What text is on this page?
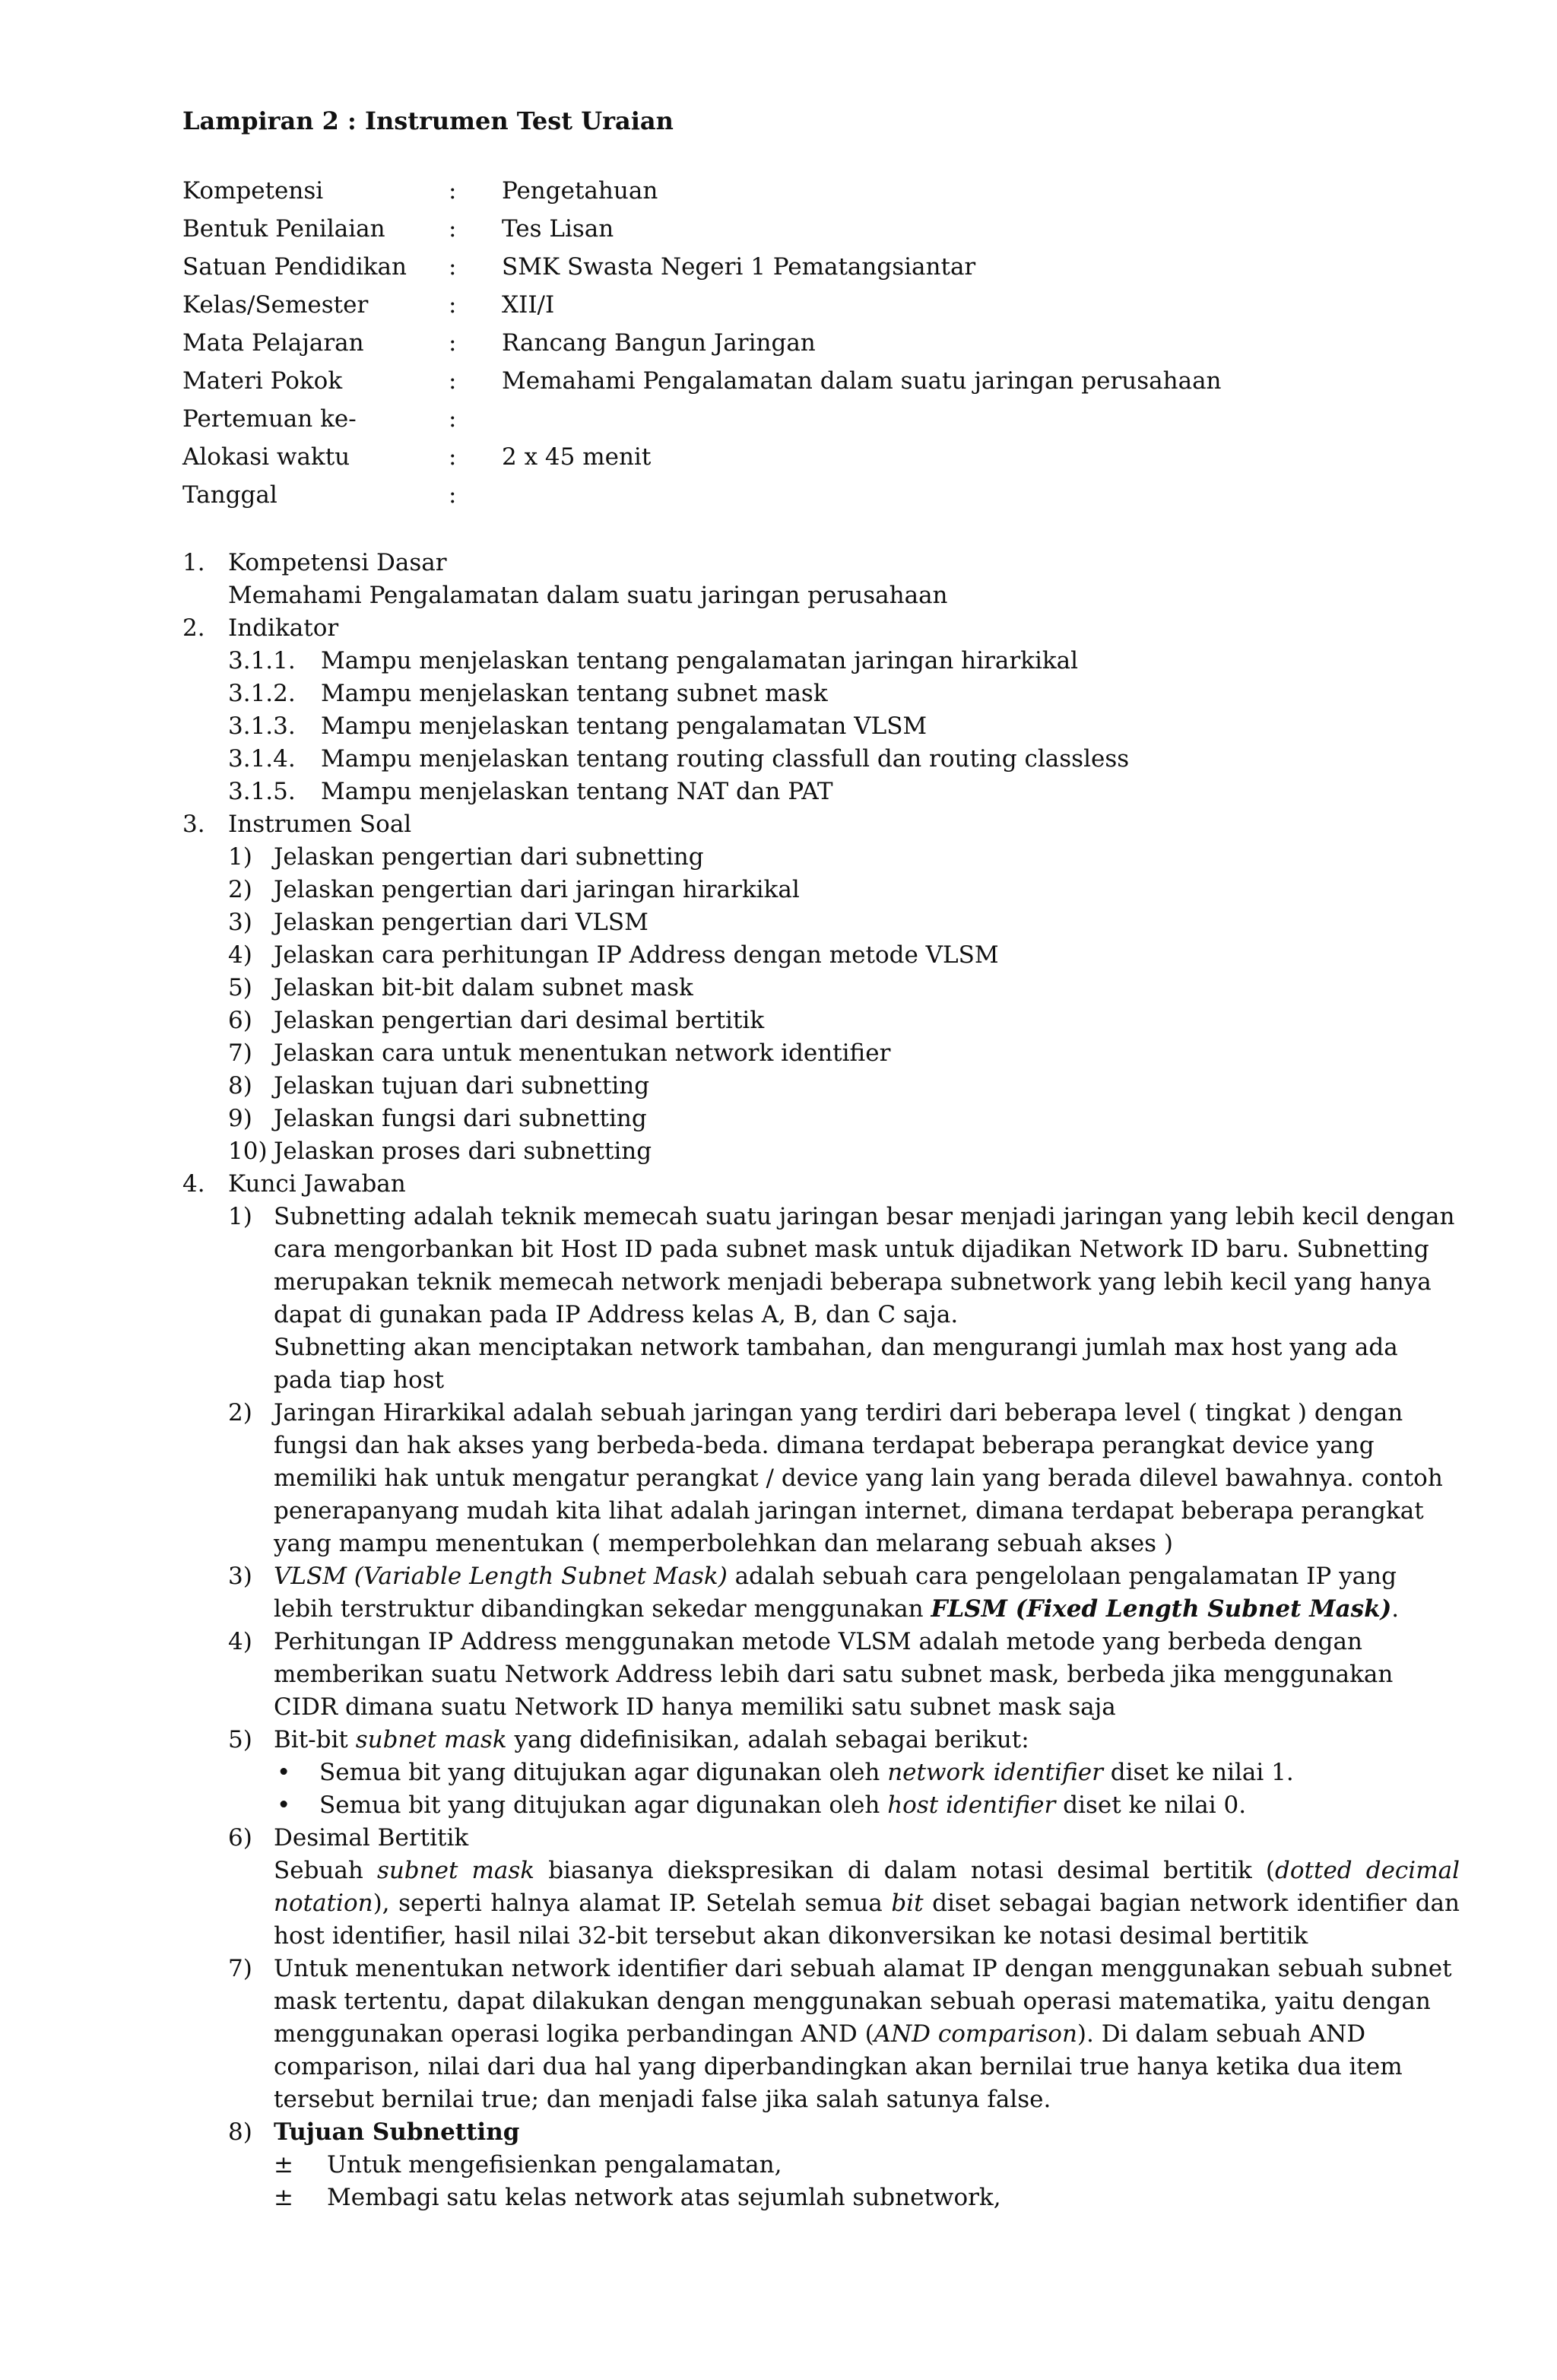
Lampiran 2 : Instrumen Test Uraian
Kompetensi	:	Pengetahuan
Bentuk Penilaian	:	Tes Lisan
Satuan Pendidikan	:	SMK Swasta Negeri 1 Pematangsiantar
Kelas/Semester	:	XII/I
Mata Pelajaran	:	Rancang Bangun Jaringan
Materi Pokok	:	Memahami Pengalamatan dalam suatu jaringan perusahaan
Pertemuan ke-	:
Alokasi waktu	:	2 x 45 menit
Tanggal	:
1. Kompetensi Dasar
Memahami Pengalamatan dalam suatu jaringan perusahaan
2. Indikator
3.1.1. Mampu menjelaskan tentang pengalamatan jaringan hirarkikal
3.1.2. Mampu menjelaskan tentang subnet mask
3.1.3. Mampu menjelaskan tentang pengalamatan VLSM
3.1.4. Mampu menjelaskan tentang routing classfull dan routing classless
3.1.5. Mampu menjelaskan tentang NAT dan PAT
3. Instrumen Soal
1) Jelaskan pengertian dari subnetting
2) Jelaskan pengertian dari jaringan hirarkikal
3) Jelaskan pengertian dari VLSM
4) Jelaskan cara perhitungan IP Address dengan metode VLSM
5) Jelaskan bit-bit dalam subnet mask
6) Jelaskan pengertian dari desimal bertitik
7) Jelaskan cara untuk menentukan network identifier
8) Jelaskan tujuan dari subnetting
9) Jelaskan fungsi dari subnetting
10) Jelaskan proses dari subnetting
4. Kunci Jawaban
1) Subnetting adalah teknik memecah suatu jaringan besar menjadi jaringan yang lebih kecil dengan cara mengorbankan bit Host ID pada subnet mask untuk dijadikan Network ID baru. Subnetting merupakan teknik memecah network menjadi beberapa subnetwork yang lebih kecil yang hanya dapat di gunakan pada IP Address kelas A, B, dan C saja.
Subnetting akan menciptakan network tambahan, dan mengurangi jumlah max host yang ada pada tiap host
2) Jaringan Hirarkikal adalah sebuah jaringan yang terdiri dari beberapa level ( tingkat ) dengan fungsi dan hak akses yang berbeda-beda. dimana terdapat beberapa perangkat device yang memiliki hak untuk mengatur perangkat / device yang lain yang berada dilevel bawahnya. contoh penerapanyang mudah kita lihat adalah jaringan internet, dimana terdapat beberapa perangkat yang mampu menentukan ( memperbolehkan dan melarang sebuah akses )
3) VLSM (Variable Length Subnet Mask) adalah sebuah cara pengelolaan pengalamatan IP yang lebih terstruktur dibandingkan sekedar menggunakan FLSM (Fixed Length Subnet Mask).
4) Perhitungan IP Address menggunakan metode VLSM adalah metode yang berbeda dengan memberikan suatu Network Address lebih dari satu subnet mask, berbeda jika menggunakan CIDR dimana suatu Network ID hanya memiliki satu subnet mask saja
5) Bit-bit subnet mask yang didefinisikan, adalah sebagai berikut:
• Semua bit yang ditujukan agar digunakan oleh network identifier diset ke nilai 1.
• Semua bit yang ditujukan agar digunakan oleh host identifier diset ke nilai 0.
6) Desimal Bertitik
Sebuah subnet mask biasanya diekspresikan di dalam notasi desimal bertitik (dotted decimal notation), seperti halnya alamat IP. Setelah semua bit diset sebagai bagian network identifier dan host identifier, hasil nilai 32-bit tersebut akan dikonversikan ke notasi desimal bertitik
7) Untuk menentukan network identifier dari sebuah alamat IP dengan menggunakan sebuah subnet mask tertentu, dapat dilakukan dengan menggunakan sebuah operasi matematika, yaitu dengan menggunakan operasi logika perbandingan AND (AND comparison). Di dalam sebuah AND comparison, nilai dari dua hal yang diperbandingkan akan bernilai true hanya ketika dua item tersebut bernilai true; dan menjadi false jika salah satunya false.
8) Tujuan Subnetting
± Untuk mengefisienkan pengalamatan,
± Membagi satu kelas network atas sejumlah subnetwork,
